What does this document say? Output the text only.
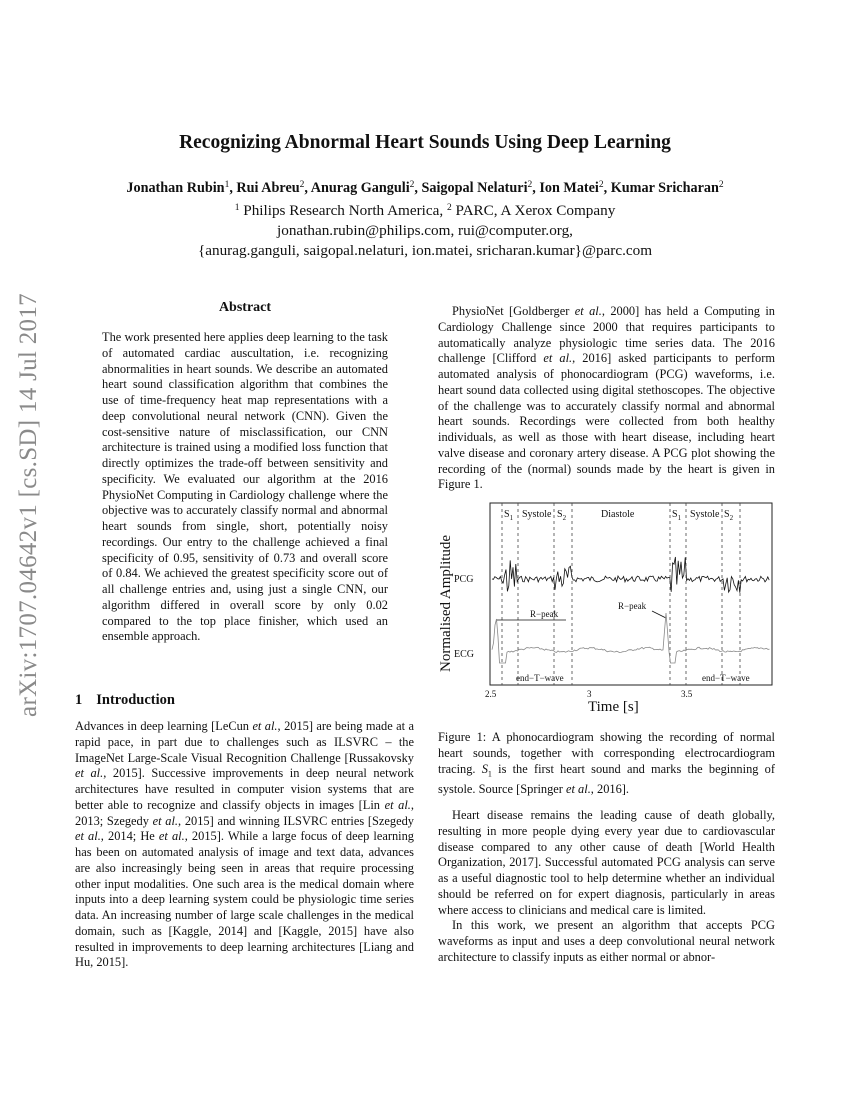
arXiv:1707.04642v1 [cs.SD] 14 Jul 2017
Recognizing Abnormal Heart Sounds Using Deep Learning
Jonathan Rubin$^1$, Rui Abreu$^2$, Anurag Ganguli$^2$, Saigopal Nelaturi$^2$, Ion Matei$^2$, Kumar Sricharan$^2$
$^1$ Philips Research North America, $^2$ PARC, A Xerox Company
jonathan.rubin@philips.com, rui@computer.org,
{anurag.ganguli, saigopal.nelaturi, ion.matei, sricharan.kumar}@parc.com
Abstract

The work presented here applies deep learning to the task of automated cardiac auscultation, i.e. recognizing abnormalities in heart sounds. We describe an automated heart sound classification algorithm that combines the use of time-frequency heat map representations with a deep convolutional neural network (CNN). Given the cost-sensitive nature of misclassification, our CNN architecture is trained using a modified loss function that directly optimizes the trade-off between sensitivity and specificity. We evaluated our algorithm at the 2016 PhysioNet Computing in Cardiology challenge where the objective was to accurately classify normal and abnormal heart sounds from single, short, potentially noisy recordings. Our entry to the challenge achieved a final specificity of 0.95, sensitivity of 0.73 and overall score of 0.84. We achieved the greatest specificity score out of all challenge entries and, using just a single CNN, our algorithm differed in overall score by only 0.02 compared to the top place finisher, which used an ensemble approach.

1 Introduction

Advances in deep learning [LeCun et al., 2015] are being made at a rapid pace, in part due to challenges such as ILSVRC – the ImageNet Large-Scale Visual Recognition Challenge [Russakovsky et al., 2015]. Successive improvements in deep neural network architectures have resulted in computer vision systems that are better able to recognize and classify objects in images [Lin et al., 2013; Szegedy et al., 2015] and winning ILSVRC entries [Szegedy et al., 2014; He et al., 2015]. While a large focus of deep learning has been on automated analysis of image and text data, advances are also increasingly being seen in areas that require processing other input modalities. One such area is the medical domain where inputs into a deep learning system could be physiologic time series data. An increasing number of large scale challenges in the medical domain, such as [Kaggle, 2014] and [Kaggle, 2015] have also resulted in improvements to deep learning architectures [Liang and Hu, 2015].

PhysioNet [Goldberger et al., 2000] has held a Computing in Cardiology Challenge since 2000 that requires participants to automatically analyze physiologic time series data. The 2016 challenge [Clifford et al., 2016] asked participants to perform automated analysis of phonocardiogram (PCG) waveforms, i.e. heart sound data collected using digital stethoscopes. The objective of the challenge was to accurately classify normal and abnormal heart sounds. Recordings were collected from both healthy individuals, as well as those with heart disease, including heart valve disease and coronary artery disease. A PCG plot showing the recording of the (normal) sounds made by the heart is given in Figure 1.

$S_1$ Systole $S_2$	Diastole	$S_1$ Systole $S_2$
PCG
ECG
R−peak
R−peak
end−T−wave	end−T−wave
2.5	3	3.5
Time [s]
Normalised Amplitude
Figure 1: A phonocardiogram showing the recording of normal heart sounds, together with corresponding electrocardiogram tracing. $S_1$ is the first heart sound and marks the beginning of systole. Source [Springer et al., 2016].

Heart disease remains the leading cause of death globally, resulting in more people dying every year due to cardiovascular disease compared to any other cause of death [World Health Organization, 2017]. Successful automated PCG analysis can serve as a useful diagnostic tool to help determine whether an individual should be referred on for expert diagnosis, particularly in areas where access to clinicians and medical care is limited.

In this work, we present an algorithm that accepts PCG waveforms as input and uses a deep convolutional neural network architecture to classify inputs as either normal or abnor-
